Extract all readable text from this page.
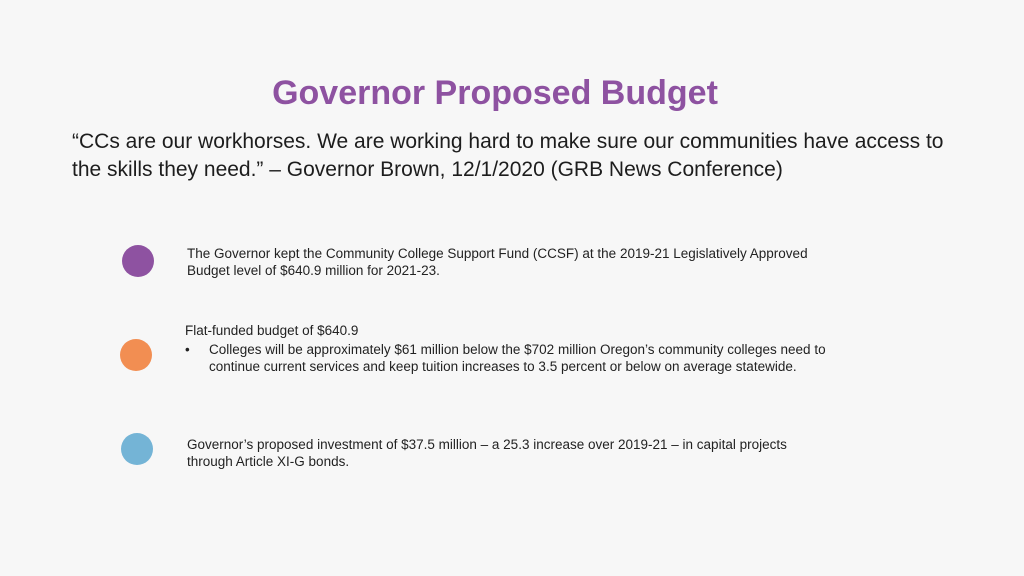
Governor Proposed Budget
“CCs are our workhorses. We are working hard to make sure our communities have access to the skills they need.” – Governor Brown, 12/1/2020 (GRB News Conference)
The Governor kept the Community College Support Fund (CCSF) at the 2019-21 Legislatively Approved Budget level of $640.9 million for 2021-23.
Flat-funded budget of $640.9
• Colleges will be approximately $61 million below the $702 million Oregon’s community colleges need to continue current services and keep tuition increases to 3.5 percent or below on average statewide.
Governor’s proposed investment of $37.5 million – a 25.3 increase over 2019-21 – in capital projects through Article XI-G bonds.
